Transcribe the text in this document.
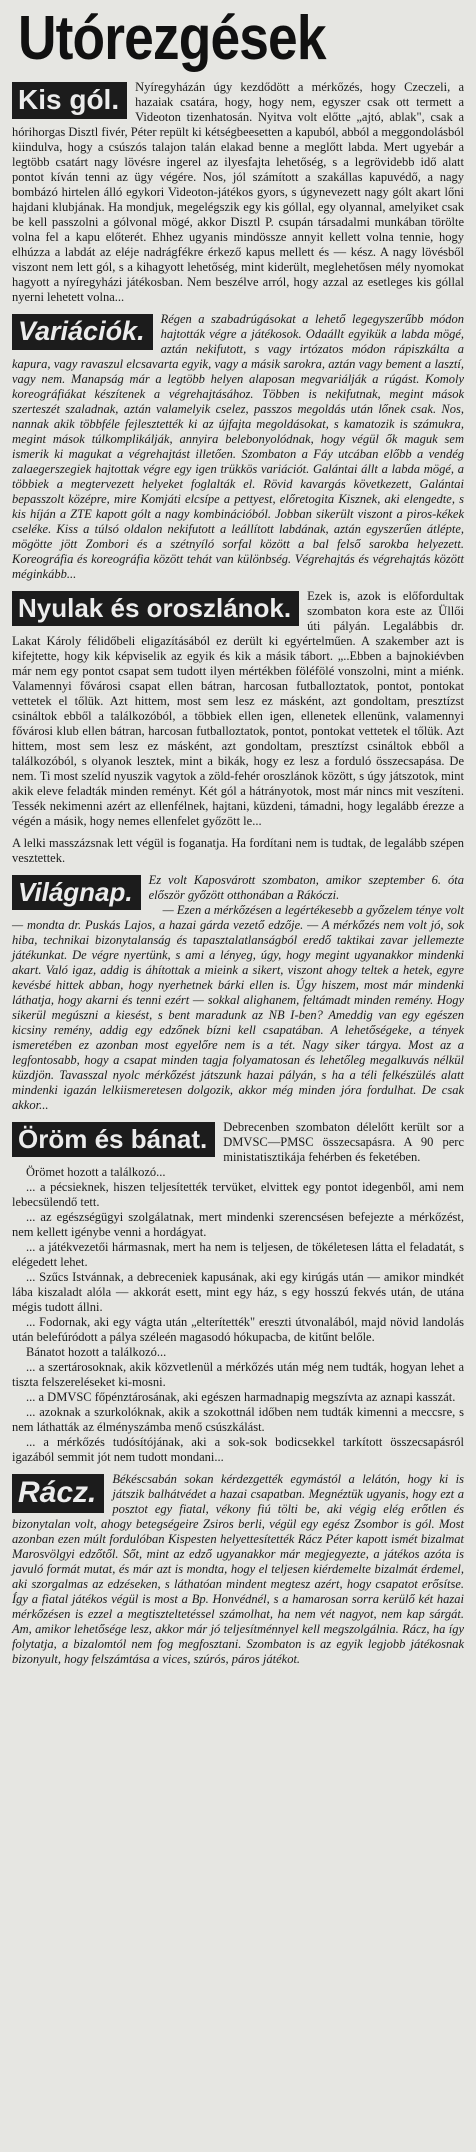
Utórezgések
Kis gól.	Nyíregyházán úgy kezdődött a mérkőzés, hogy Czeczeli, a hazaiak csatára, hogy, hogy nem, egyszer csak ott termett a Videoton tizenhatosán. Nyitva volt előtte „ajtó, ablak", csak a hórihorgas Disztl fivér, Péter repült ki kétségbeesetten a kapuból, abból a meggondolásból kiindulva, hogy a csúszós talajon talán elakad benne a meglőtt labda. Mert ugyebár a legtöbb csatárt nagy lövésre ingerel az ilyesfajta lehetőség, s a legrövidebb idő alatt pontot kíván tenni az ügy végére. Nos, jól számított a szakállas kapuvédő, a nagy bombázó hirtelen álló egykori Videoton-játékos gyors, s úgynevezett nagy gólt akart lőni hajdani klubjának. Ha mondjuk, megelégszik egy kis góllal, egy olyannal, amelyiket csak be kell passzolni a gólvonal mögé, akkor Disztl P. csupán társadalmi munkában törölte volna fel a kapu előterét. Ehhez ugyanis mindössze annyit kellett volna tennie, hogy elhúzza a labdát az eléje nadrágfékre érkező kapus mellett és — kész. A nagy lövésből viszont nem lett gól, s a kihagyott lehetőség, mint kiderült, meglehetősen mély nyomokat hagyott a nyíregyházi játékosban. Nem beszélve arról, hogy azzal az esetleges kis góllal nyerni lehetett volna...

Variációk.	Régen a szabadrúgásokat a lehető legegyszerűbb módon hajtották végre a játékosok. Odaállt egyikük a labda mögé, aztán nekifutott, s vagy irtózatos módon rápiszkálta a kapura, vagy ravaszul elcsavarta egyik, vagy a másik sarokra, aztán vagy bement a lasztí, vagy nem. Manapság már a legtöbb helyen alaposan megvariálják a rúgást. Komoly koreográfiákat készítenek a végrehajtásához. Többen is nekifutnak, megint mások szerteszét szaladnak, aztán valamelyik cselez, passzos megoldás után lőnek csak. Nos, nannak akik többféle fejlesztették ki az újfajta megoldásokat, s kamatozik is számukra, megint mások túlkomplikálják, annyira belebonyolódnak, hogy végül ők maguk sem ismerik ki magukat a végrehajtást illetően. Szombaton a Fáy utcában előbb a vendég zalaegerszegiek hajtottak végre egy igen trükkös variációt. Galántai állt a labda mögé, a többiek a megtervezett helyeket foglalták el. Rövid kavargás következett, Galántai bepasszolt középre, mire Komjáti elcsípe a pettyest, előretogita Kisznek, aki elengedte, s kis híján a ZTE kapott gólt a nagy kombinációból. Jobban sikerült viszont a piros-kékek cseléke. Kiss a túlsó oldalon nekifutott a leállított labdának, aztán egyszerűen átlépte, mögötte jött Zombori és a szétnyíló sorfal között a bal felső sarokba helyezett. Koreográfia és koreográfia között tehát van különbség. Végrehajtás és végrehajtás között méginkább...

Nyulak és oroszlánok.	Ezek is, azok is előfordultak szombaton kora este az Üllői úti pályán. Legalábbis dr. Lakat Károly félidőbeli eligazításából ez derült ki egyértelműen. A szakember azt is kifejtette, hogy kik képviselik az egyik és kik a másik tábort. „..Ebben a bajnokiévben már nem egy pontot csapat sem tudott ilyen mértékben föléfölé vonszolni, mint a miénk. Valamennyi fővárosi csapat ellen bátran, harcosan futballoztatok, pontot, pontokat vettetek el tőlük. Azt hittem, most sem lesz ez másként, azt gondoltam, presztízst csináltok ebből a találkozóból, a többiek ellen igen, ellenetek ellenünk, valamennyi fővárosi klub ellen bátran, harcosan futballoztatok, pontot, pontokat vettetek el tőlük. Azt hittem, most sem lesz ez másként, azt gondoltam, presztízst csináltok ebből a találkozóból, s olyanok lesztek, mint a bikák, hogy ez lesz a forduló összecsapása. De nem. Ti most szelíd nyuszik vagytok a zöld-fehér oroszlánok között, s úgy játszotok, mint akik eleve feladták minden reményt. Két gól a hátrányotok, most már nincs mit veszíteni. Tessék nekimenni azért az ellenfélnek, hajtani, küzdeni, támadni, hogy legalább érezze a végén a másik, hogy nemes ellenfelet győzött le...

A lelki masszázsnak lett végül is foganatja. Ha fordítani nem is tudtak, de legalább szépen vesztettek.

Világnap.	Ez volt Kaposvárott szombaton, amikor szeptember 6. óta először győzött otthonában a Rákóczi.

— Ezen a mérkőzésen a legértékesebb a győzelem ténye volt — mondta dr. Puskás Lajos, a hazai gárda vezető edzője. — A mérkőzés nem volt jó, sok hiba, technikai bizonytalanság és tapasztalatlanságból eredő taktikai zavar jellemezte játékunkat. De végre nyertünk, s ami a lényeg, úgy, hogy megint ugyanakkor mindenki akart. Való igaz, addig is áhítottak a mieink a sikert, viszont ahogy teltek a hetek, egyre kevésbé hittek abban, hogy nyerhetnek bárki ellen is. Úgy hiszem, most már mindenki láthatja, hogy akarni és tenni ezért — sokkal alighanem, feltámadt minden remény. Hogy sikerül megúszni a kiesést, s bent maradunk az NB I-ben? Ameddig van egy egészen kicsiny remény, addig egy edzőnek bízni kell csapatában. A lehetőségeke, a tények ismeretében ez azonban most egyelőre nem is a tét. Nagy siker tárgya. Most az a legfontosabb, hogy a csapat minden tagja folyamatosan és lehetőleg megalkuvás nélkül küzdjön. Tavasszal nyolc mérkőzést játszunk hazai pályán, s ha a téli felkészülés alatt mindenki igazán lelkiismeretesen dolgozik, akkor még minden jóra fordulhat. De csak akkor...

Öröm és bánat.	Debrecenben szombaton délelőtt került sor a DMVSC—PMSC összecsapásra. A 90 perc ministatisztikája fehérben és feketében.

Örömet hozott a találkozó...

... a pécsieknek, hiszen teljesítették tervüket, elvittek egy pontot idegenből, ami nem lebecsülendő tett.

... az egészségügyi szolgálatnak, mert mindenki szerencsésen befejezte a mérkőzést, nem kellett igénybe venni a hordágyat.

... a játékvezetői hármasnak, mert ha nem is teljesen, de tökéletesen látta el feladatát, s elégedett lehet.

... Szűcs Istvánnak, a debreceniek kapusának, aki egy kirúgás után — amikor mindkét lába kiszaladt alóla — akkorát esett, mint egy ház, s egy hosszú fekvés után, de utána mégis tudott állni.

... Fodornak, aki egy vágta után „elterítették" ereszti útvonalából, majd növid landolás után belefúródott a pálya széleén magasodó hókupacba, de kitűnt belőle.

Bánatot hozott a találkozó...

... a szertárosoknak, akik közvetlenül a mérkőzés után még nem tudták, hogyan lehet a tiszta felszereléseket ki-mosni.

... a DMVSC főpénztárosának, aki egészen harmadnapig megszívta az aznapi kasszát.

... azoknak a szurkolóknak, akik a szokottnál időben nem tudták kimenni a meccsre, s nem láthatták az élményszámba menő csúszkálást.

... a mérkőzés tudósítójának, aki a sok-sok bodicsekkel tarkított összecsapásról igazából semmit jót nem tudott mondani...

Rácz.	Békéscsabán sokan kérdezgették egymástól a lelátón, hogy ki is játszik balhátvédet a hazai csapatban. Megnéztük ugyanis, hogy ezt a posztot egy fiatal, vékony fiú tölti be, aki végig elég erőtlen és bizonytalan volt, ahogy betegségeire Zsiros berli, végül egy egész Zsombor is gól. Most azonban ezen múlt fordulóban Kispesten helyettesítették Rácz Péter kapott ismét bizalmat Marosvölgyi edzőtől. Sőt, mint az edző ugyanakkor már megjegyezte, a játékos azóta is javuló formát mutat, és már azt is mondta, hogy el teljesen kiérdemelte bizalmát érdemel, aki szorgalmas az edzéseken, s láthatóan mindent megtesz azért, hogy csapatot erősítse. Így a fiatal játékos végül is most a Bp. Honvédnél, s a hamarosan sorra kerülő két hazai mérkőzésen is ezzel a megtiszteltetéssel számolhat, ha nem vét nagyot, nem kap sárgát. Am, amikor lehetősége lesz, akkor már jó teljesítménnyel kell megszolgálnia. Rácz, ha így folytatja, a bizalomtól nem fog megfosztani. Szombaton is az egyik legjobb játékosnak bizonyult, hogy felszámtása a vices, szúrós, páros játékot.
